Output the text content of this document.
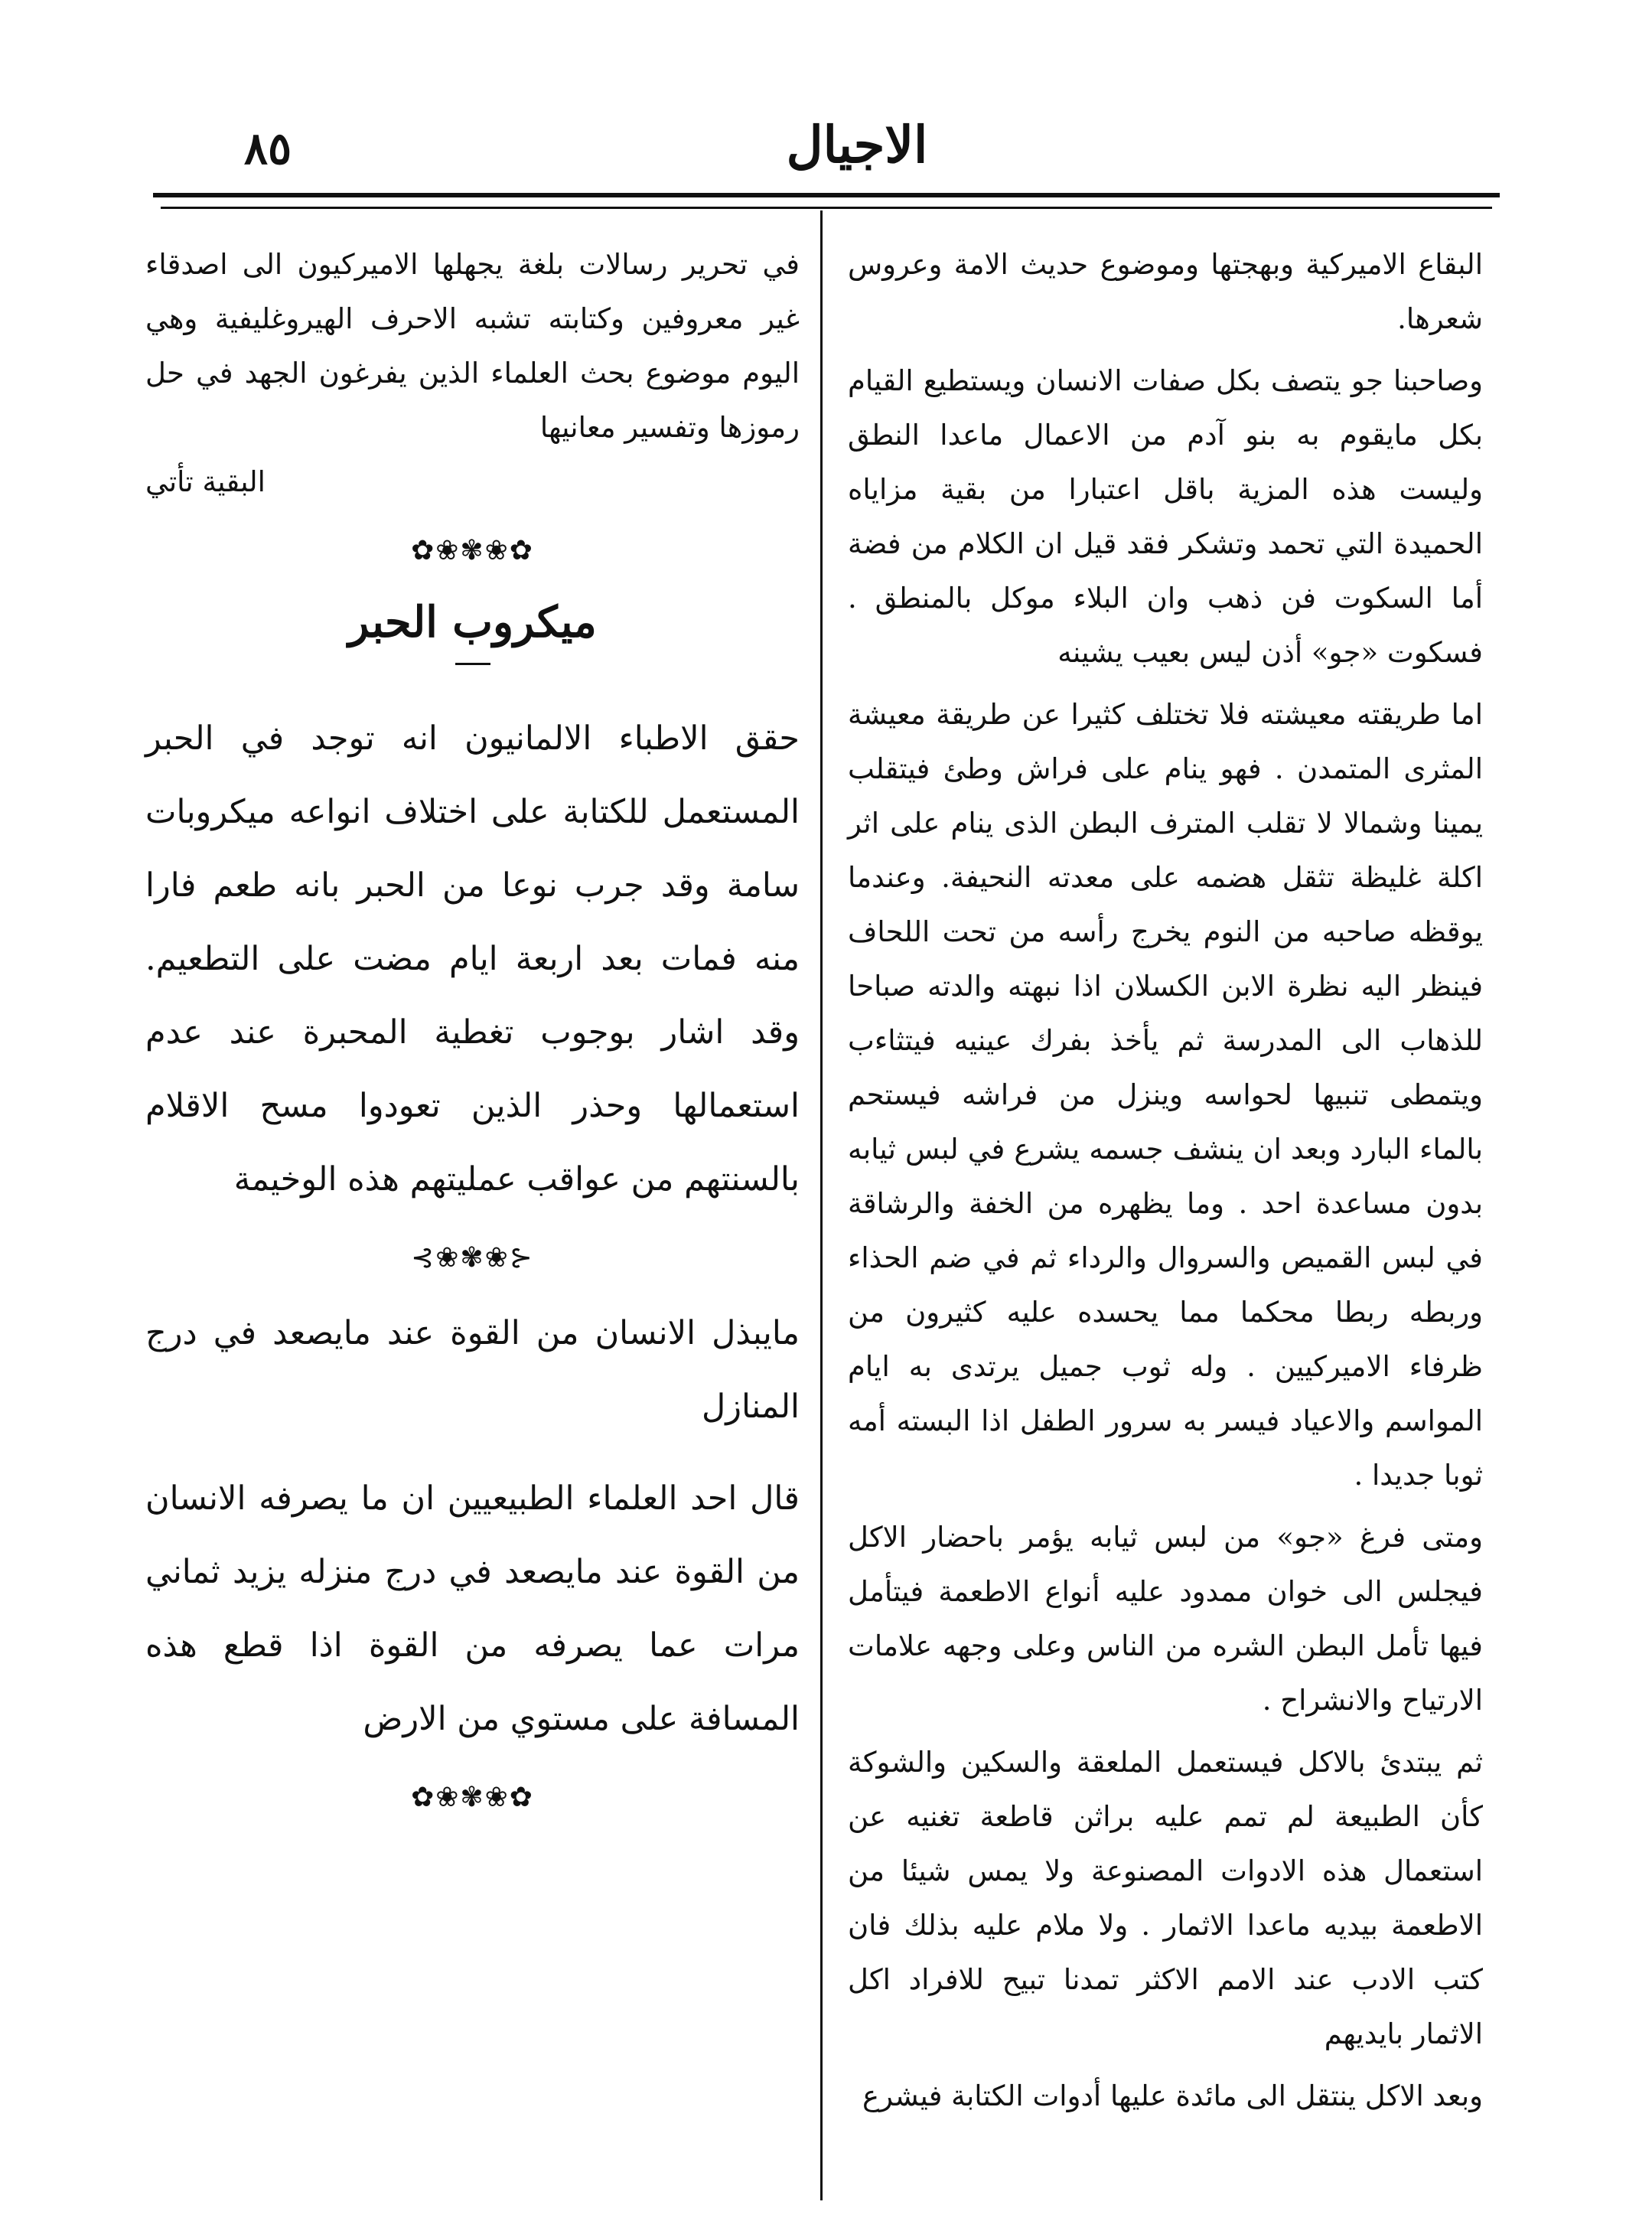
الاجيال
٨٥

البقاع الاميركية وبهجتها وموضوع حديث الامة وعروس شعرها.

وصاحبنا جو يتصف بكل صفات الانسان ويستطيع القيام بكل مايقوم به بنو آدم من الاعمال ماعدا النطق وليست هذه المزية باقل اعتبارا من بقية مزاياه الحميدة التي تحمد وتشكر فقد قيل ان الكلام من فضة أما السكوت فن ذهب وان البلاء موكل بالمنطق . فسكوت «جو» أذن ليس بعيب يشينه

اما طريقته معيشته فلا تختلف كثيرا عن طريقة معيشة المثرى المتمدن . فهو ينام على فراش وطئ فيتقلب يمينا وشمالا لا تقلب المترف البطن الذى ينام على اثر اكلة غليظة تثقل هضمه على معدته النحيفة. وعندما يوقظه صاحبه من النوم يخرج رأسه من تحت اللحاف فينظر اليه نظرة الابن الكسلان اذا نبهته والدته صباحا للذهاب الى المدرسة ثم يأخذ بفرك عينيه فيتثاءب ويتمطى تنبيها لحواسه وينزل من فراشه فيستحم بالماء البارد وبعد ان ينشف جسمه يشرع في لبس ثيابه بدون مساعدة احد . وما يظهره من الخفة والرشاقة في لبس القميص والسروال والرداء ثم في ضم الحذاء وربطه ربطا محكما مما يحسده عليه كثيرون من ظرفاء الاميركيين . وله ثوب جميل يرتدى به ايام المواسم والاعياد فيسر به سرور الطفل اذا البسته أمه ثوبا جديدا .

ومتى فرغ «جو» من لبس ثيابه يؤمر باحضار الاكل فيجلس الى خوان ممدود عليه أنواع الاطعمة فيتأمل فيها تأمل البطن الشره من الناس وعلى وجهه علامات الارتياح والانشراح .

ثم يبتدئ بالاكل فيستعمل الملعقة والسكين والشوكة كأن الطبيعة لم تمم عليه براثن قاطعة تغنيه عن استعمال هذه الادوات المصنوعة ولا يمس شيئا من الاطعمة بيديه ماعدا الاثمار . ولا ملام عليه بذلك فان كتب الادب عند الامم الاكثر تمدنا تبيح للافراد اكل الاثمار بايديهم

وبعد الاكل ينتقل الى مائدة عليها أدوات الكتابة فيشرع

في تحرير رسالات بلغة يجهلها الاميركيون الى اصدقاء غير معروفين وكتابته تشبه الاحرف الهيروغليفية وهي اليوم موضوع بحث العلماء الذين يفرغون الجهد في حل رموزها وتفسير معانيها

البقية تأتي

✿❀✾❀✿
ميكروب الحبر

حقق الاطباء الالمانيون انه توجد في الحبر المستعمل للكتابة على اختلاف انواعه ميكروبات سامة وقد جرب نوعا من الحبر بانه طعم فارا منه فمات بعد اربعة ايام مضت على التطعيم. وقد اشار بوجوب تغطية المحبرة عند عدم استعمالها وحذر الذين تعودوا مسح الاقلام بالسنتهم من عواقب عمليتهم هذه الوخيمة

⊰❀✾❀⊱

مايبذل الانسان من القوة عند مايصعد في درج المنازل

قال احد العلماء الطبيعيين ان ما يصرفه الانسان من القوة عند مايصعد في درج منزله يزيد ثماني مرات عما يصرفه من القوة اذا قطع هذه المسافة على مستوي من الارض

✿❀✾❀✿
